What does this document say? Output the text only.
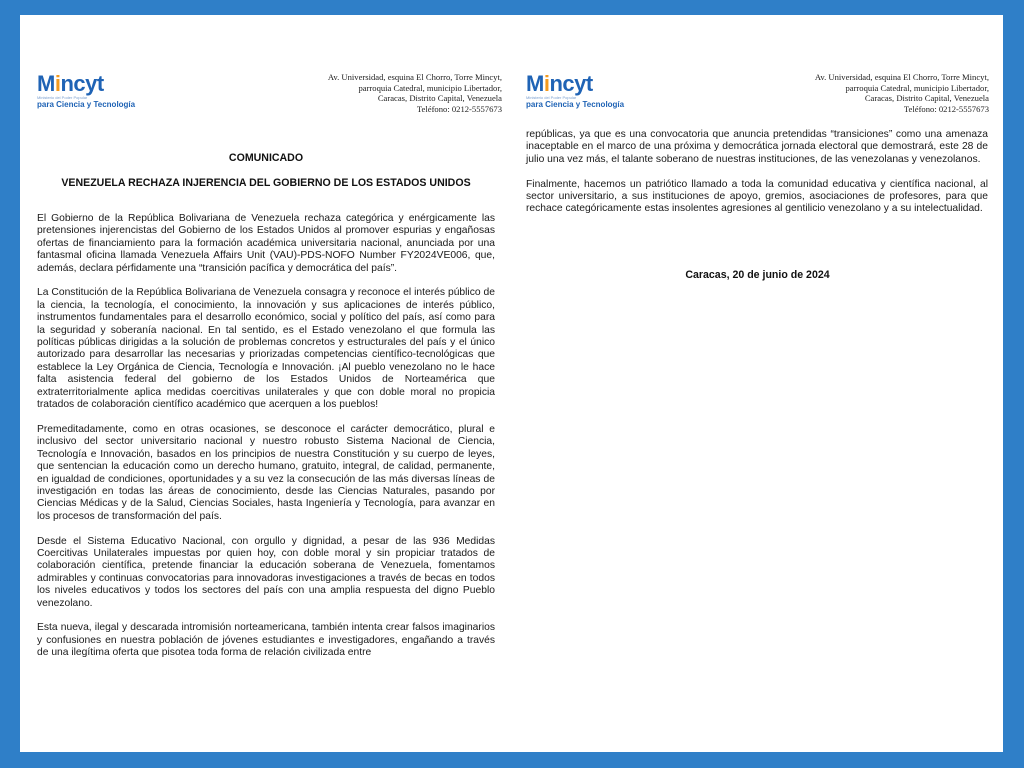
Mincyt
Ministerio del Poder Popular
para Ciencia y Tecnología
Av. Universidad, esquina El Chorro, Torre Mincyt,
parroquia Catedral, municipio Libertador,
Caracas, Distrito Capital, Venezuela
Teléfono: 0212-5557673
COMUNICADO
VENEZUELA RECHAZA INJERENCIA DEL GOBIERNO DE LOS ESTADOS UNIDOS

El Gobierno de la República Bolivariana de Venezuela rechaza categórica y enérgicamente las pretensiones injerencistas del Gobierno de los Estados Unidos al promover espurias y engañosas ofertas de financiamiento para la formación académica universitaria nacional, anunciada por una fantasmal oficina llamada Venezuela Affairs Unit (VAU)-PDS-NOFO Number FY2024VE006, que, además, declara pérfidamente una “transición pacífica y democrática del país”.

La Constitución de la República Bolivariana de Venezuela consagra y reconoce el interés público de la ciencia, la tecnología, el conocimiento, la innovación y sus aplicaciones de interés público, instrumentos fundamentales para el desarrollo económico, social y político del país, así como para la seguridad y soberanía nacional. En tal sentido, es el Estado venezolano el que formula las políticas públicas dirigidas a la solución de problemas concretos y estructurales del país y el único autorizado para desarrollar las necesarias y priorizadas competencias científico-tecnológicas que establece la Ley Orgánica de Ciencia, Tecnología e Innovación. ¡Al pueblo venezolano no le hace falta asistencia federal del gobierno de los Estados Unidos de Norteamérica que extraterritorialmente aplica medidas coercitivas unilaterales y que con doble moral no propicia tratados de colaboración científico académico que acerquen a los pueblos!

Premeditadamente, como en otras ocasiones, se desconoce el carácter democrático, plural e inclusivo del sector universitario nacional y nuestro robusto Sistema Nacional de Ciencia, Tecnología e Innovación, basados en los principios de nuestra Constitución y su cuerpo de leyes, que sentencian la educación como un derecho humano, gratuito, integral, de calidad, permanente, en igualdad de condiciones, oportunidades y a su vez la consecución de las más diversas líneas de investigación en todas las áreas de conocimiento, desde las Ciencias Naturales, pasando por Ciencias Médicas y de la Salud, Ciencias Sociales, hasta Ingeniería y Tecnología, para avanzar en los procesos de transformación del país.

Desde el Sistema Educativo Nacional, con orgullo y dignidad, a pesar de las 936 Medidas Coercitivas Unilaterales impuestas por quien hoy, con doble moral y sin propiciar tratados de colaboración científica, pretende financiar la educación soberana de Venezuela, fomentamos admirables y continuas convocatorias para innovadoras investigaciones a través de becas en todos los niveles educativos y todos los sectores del país con una amplia respuesta del digno Pueblo venezolano.

Esta nueva, ilegal y descarada intromisión norteamericana, también intenta crear falsos imaginarios y confusiones en nuestra población de jóvenes estudiantes e investigadores, engañando a través de una ilegítima oferta que pisotea toda forma de relación civilizada entre

Mincyt
Ministerio del Poder Popular
para Ciencia y Tecnología
Av. Universidad, esquina El Chorro, Torre Mincyt,
parroquia Catedral, municipio Libertador,
Caracas, Distrito Capital, Venezuela
Teléfono: 0212-5557673

repúblicas, ya que es una convocatoria que anuncia pretendidas “transiciones” como una amenaza inaceptable en el marco de una próxima y democrática jornada electoral que demostrará, este 28 de julio una vez más, el talante soberano de nuestras instituciones, de las venezolanas y venezolanos.

Finalmente, hacemos un patriótico llamado a toda la comunidad educativa y científica nacional, al sector universitario, a sus instituciones de apoyo, gremios, asociaciones de profesores, para que rechace categóricamente estas insolentes agresiones al gentilicio venezolano y a su intelectualidad.

Caracas, 20 de junio de 2024
